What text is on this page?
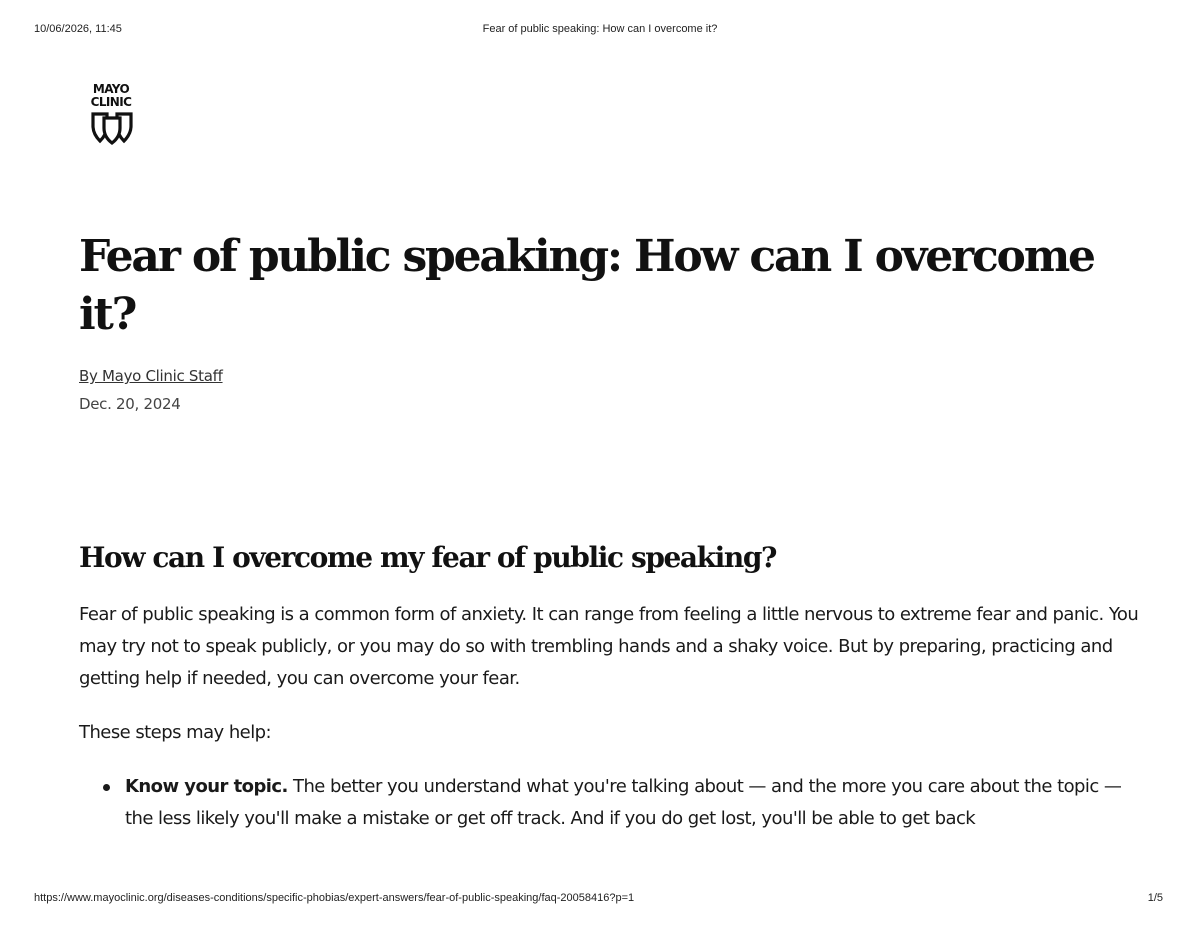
10/06/2026, 11:45	Fear of public speaking: How can I overcome it?
MAYO
CLINIC
Fear of public speaking: How can I overcome it?
By Mayo Clinic Staff
Dec. 20, 2024
How can I overcome my fear of public speaking?

Fear of public speaking is a common form of anxiety. It can range from feeling a little nervous to extreme fear and panic. You may try not to speak publicly, or you may do so with trembling hands and a shaky voice. But by preparing, practicing and getting help if needed, you can overcome your fear.

These steps may help:

Know your topic. The better you understand what you're talking about — and the more you care about the topic — the less likely you'll make a mistake or get off track. And if you do get lost, you'll be able to get back
https://www.mayoclinic.org/diseases-conditions/specific-phobias/expert-answers/fear-of-public-speaking/faq-20058416?p=1	1/5
